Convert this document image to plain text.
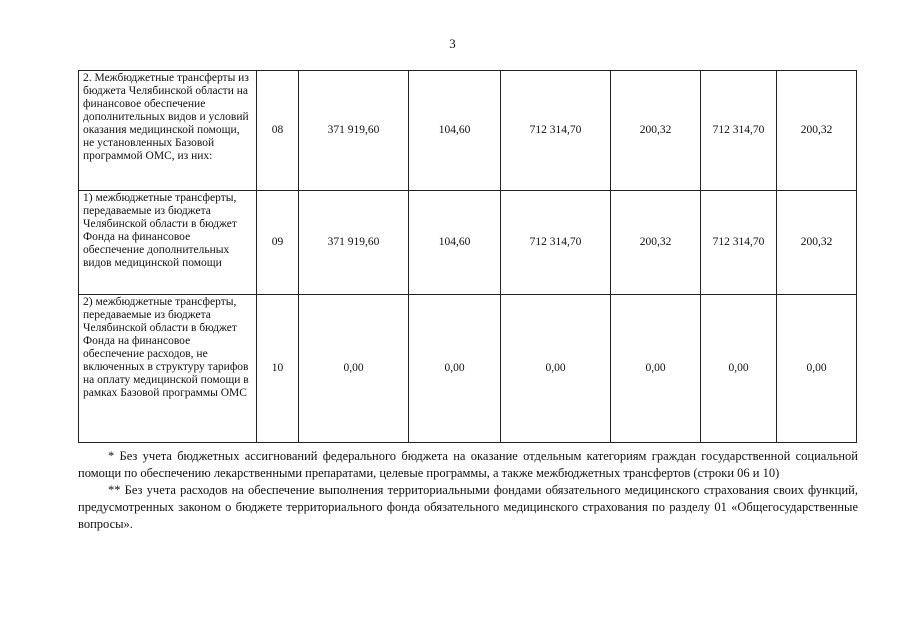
3
2. Межбюджетные трансферты из бюджета Челябинской области на финансовое обеспечение дополнительных видов и условий оказания медицинской помощи, не установленных Базовой программой ОМС, из них:	08	371 919,60	104,60	712 314,70	200,32	712 314,70	200,32
1) межбюджетные трансферты, передаваемые из бюджета Челябинской области в бюджет Фонда на финансовое обеспечение дополнительных видов медицинской помощи	09	371 919,60	104,60	712 314,70	200,32	712 314,70	200,32
2) межбюджетные трансферты, передаваемые из бюджета Челябинской области в бюджет Фонда на финансовое обеспечение расходов, не включенных в структуру тарифов на оплату медицинской помощи в рамках Базовой программы ОМС	10	0,00	0,00	0,00	0,00	0,00	0,00

* Без учета бюджетных ассигнований федерального бюджета на оказание отдельным категориям граждан государственной социальной помощи по обеспечению лекарственными препаратами, целевые программы, а также межбюджетных трансфертов (строки 06 и 10)

** Без учета расходов на обеспечение выполнения территориальными фондами обязательного медицинского страхования своих функций, предусмотренных законом о бюджете территориального фонда обязательного медицинского страхования по разделу 01 «Общегосударственные вопросы».
